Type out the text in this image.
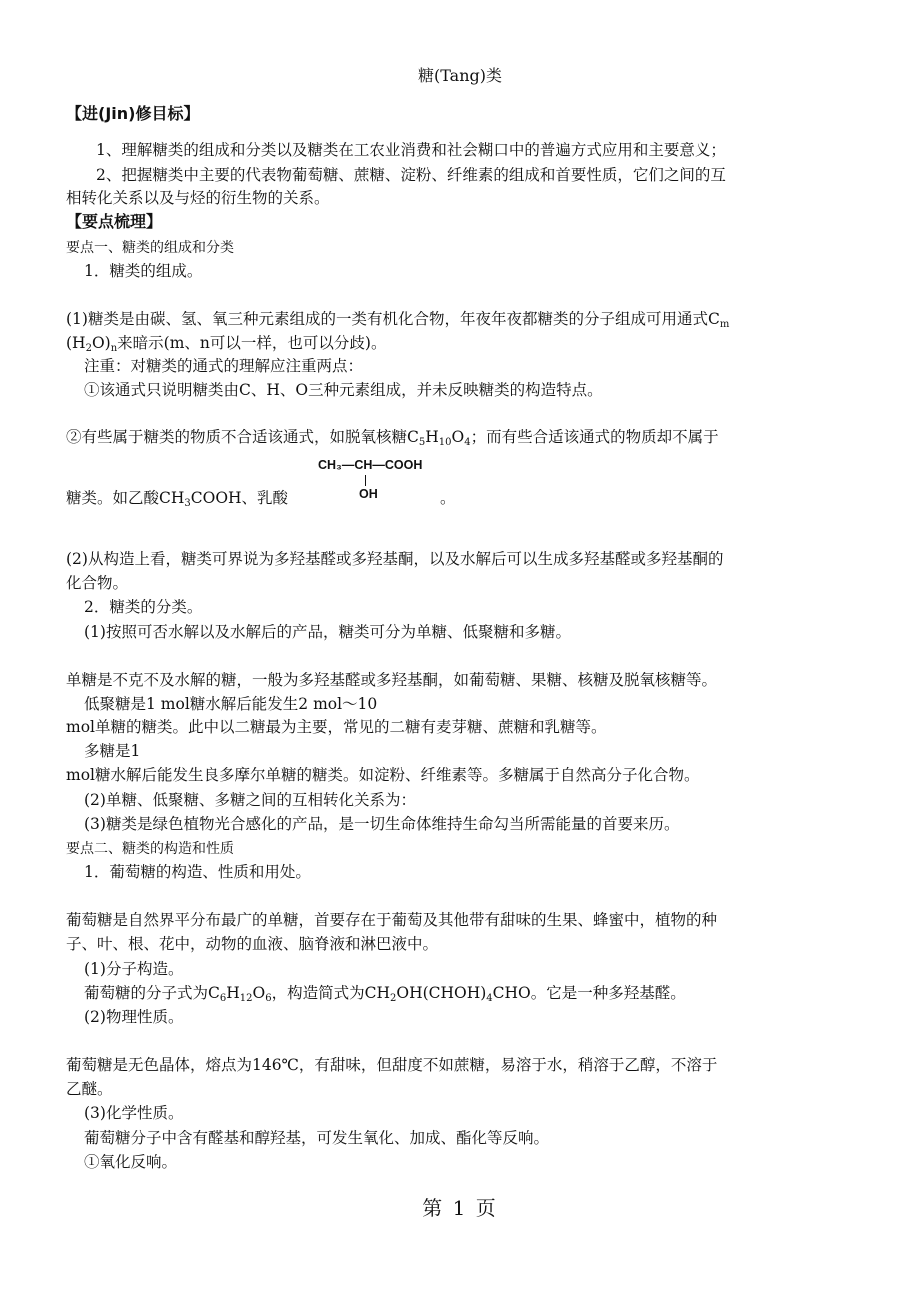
糖(Tang)类
【进(Jin)修目标】
1、理解糖类的组成和分类以及糖类在工农业消费和社会糊口中的普遍方式应用和主要意义；
2、把握糖类中主要的代表物葡萄糖、蔗糖、淀粉、纤维素的组成和首要性质，它们之间的互
相转化关系以及与烃的衍生物的关系。
【要点梳理】
要点一、糖类的组成和分类
1．糖类的组成。
(1)糖类是由碳、氢、氧三种元素组成的一类有机化合物，年夜年夜都糖类的分子组成可用通式$C_m$
$(H_2O)_n$来暗示(m、n可以一样，也可以分歧)。
注重：对糖类的通式的理解应注重两点：
①该通式只说明糖类由C、H、O三种元素组成，并未反映糖类的构造特点。
②有些属于糖类的物质不合适该通式，如脱氧核糖$C_5H_{10}O_4$；而有些合适该通式的物质却不属于
CH₃—CH—COOH
OH
糖类。如乙酸$CH_3COOH$、乳酸	。
(2)从构造上看，糖类可界说为多羟基醛或多羟基酮，以及水解后可以生成多羟基醛或多羟基酮的
化合物。
2．糖类的分类。
(1)按照可否水解以及水解后的产品，糖类可分为单糖、低聚糖和多糖。
单糖是不克不及水解的糖，一般为多羟基醛或多羟基酮，如葡萄糖、果糖、核糖及脱氧核糖等。
低聚糖是1 mol糖水解后能发生2 mol～10
mol单糖的糖类。此中以二糖最为主要，常见的二糖有麦芽糖、蔗糖和乳糖等。
多糖是1
mol糖水解后能发生良多摩尔单糖的糖类。如淀粉、纤维素等。多糖属于自然高分子化合物。
(2)单糖、低聚糖、多糖之间的互相转化关系为：
(3)糖类是绿色植物光合感化的产品，是一切生命体维持生命勾当所需能量的首要来历。
要点二、糖类的构造和性质
1．葡萄糖的构造、性质和用处。
葡萄糖是自然界平分布最广的单糖，首要存在于葡萄及其他带有甜味的生果、蜂蜜中，植物的种
子、叶、根、花中，动物的血液、脑脊液和淋巴液中。
(1)分子构造。
葡萄糖的分子式为$C_6H_{12}O_6$，构造简式为$CH_2OH(CHOH)_4CHO$。它是一种多羟基醛。
(2)物理性质。
葡萄糖是无色晶体，熔点为146℃，有甜味，但甜度不如蔗糖，易溶于水，稍溶于乙醇，不溶于
乙醚。
(3)化学性质。
葡萄糖分子中含有醛基和醇羟基，可发生氧化、加成、酯化等反响。
①氧化反响。
第 1 页
